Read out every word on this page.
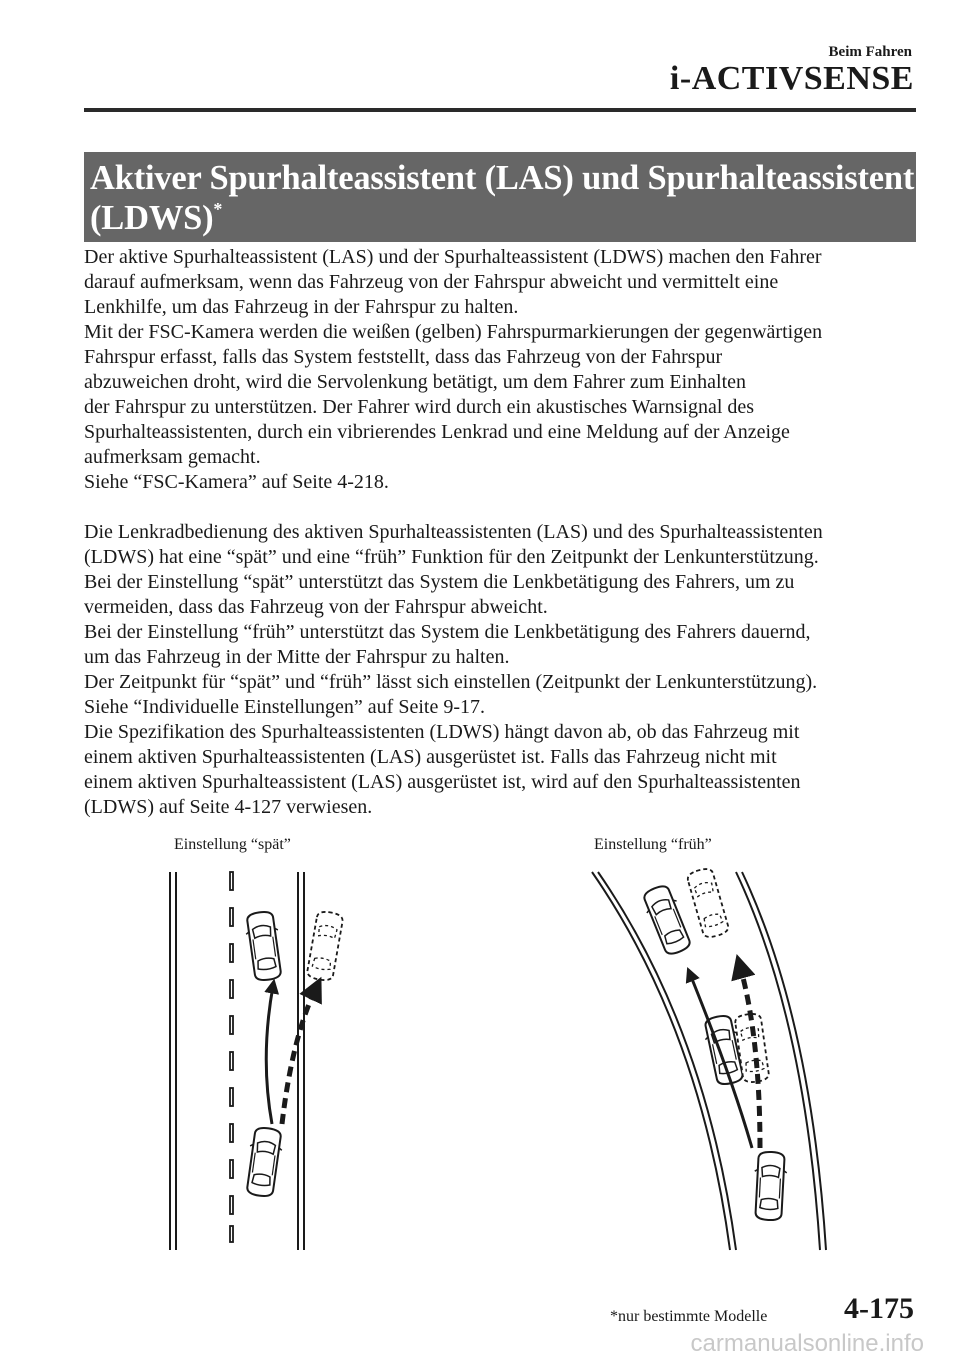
Beim Fahren
i-ACTIVSENSE
Aktiver Spurhalteassistent (LAS) und Spurhalteassistent
(LDWS)*

Der aktive Spurhalteassistent (LAS) und der Spurhalteassistent (LDWS) machen den Fahrer

darauf aufmerksam, wenn das Fahrzeug von der Fahrspur abweicht und vermittelt eine

Lenkhilfe, um das Fahrzeug in der Fahrspur zu halten.

Mit der FSC-Kamera werden die weißen (gelben) Fahrspurmarkierungen der gegenwärtigen

Fahrspur erfasst, falls das System feststellt, dass das Fahrzeug von der Fahrspur

abzuweichen droht, wird die Servolenkung betätigt, um dem Fahrer zum Einhalten

der Fahrspur zu unterstützen. Der Fahrer wird durch ein akustisches Warnsignal des

Spurhalteassistenten, durch ein vibrierendes Lenkrad und eine Meldung auf der Anzeige

aufmerksam gemacht.

Siehe “FSC-Kamera” auf Seite 4-218.

Die Lenkradbedienung des aktiven Spurhalteassistenten (LAS) und des Spurhalteassistenten

(LDWS) hat eine “spät” und eine “früh” Funktion für den Zeitpunkt der Lenkunterstützung.

Bei der Einstellung “spät” unterstützt das System die Lenkbetätigung des Fahrers, um zu

vermeiden, dass das Fahrzeug von der Fahrspur abweicht.

Bei der Einstellung “früh” unterstützt das System die Lenkbetätigung des Fahrers dauernd,

um das Fahrzeug in der Mitte der Fahrspur zu halten.

Der Zeitpunkt für “spät” und “früh” lässt sich einstellen (Zeitpunkt der Lenkunterstützung).

Siehe “Individuelle Einstellungen” auf Seite 9-17.

Die Spezifikation des Spurhalteassistenten (LDWS) hängt davon ab, ob das Fahrzeug mit

einem aktiven Spurhalteassistenten (LAS) ausgerüstet ist. Falls das Fahrzeug nicht mit

einem aktiven Spurhalteassistent (LAS) ausgerüstet ist, wird auf den Spurhalteassistenten

(LDWS) auf Seite 4-127 verwiesen.

Einstellung “spät”	Einstellung “früh”
*nur bestimmte Modelle	4-175
carmanualsonline.info
